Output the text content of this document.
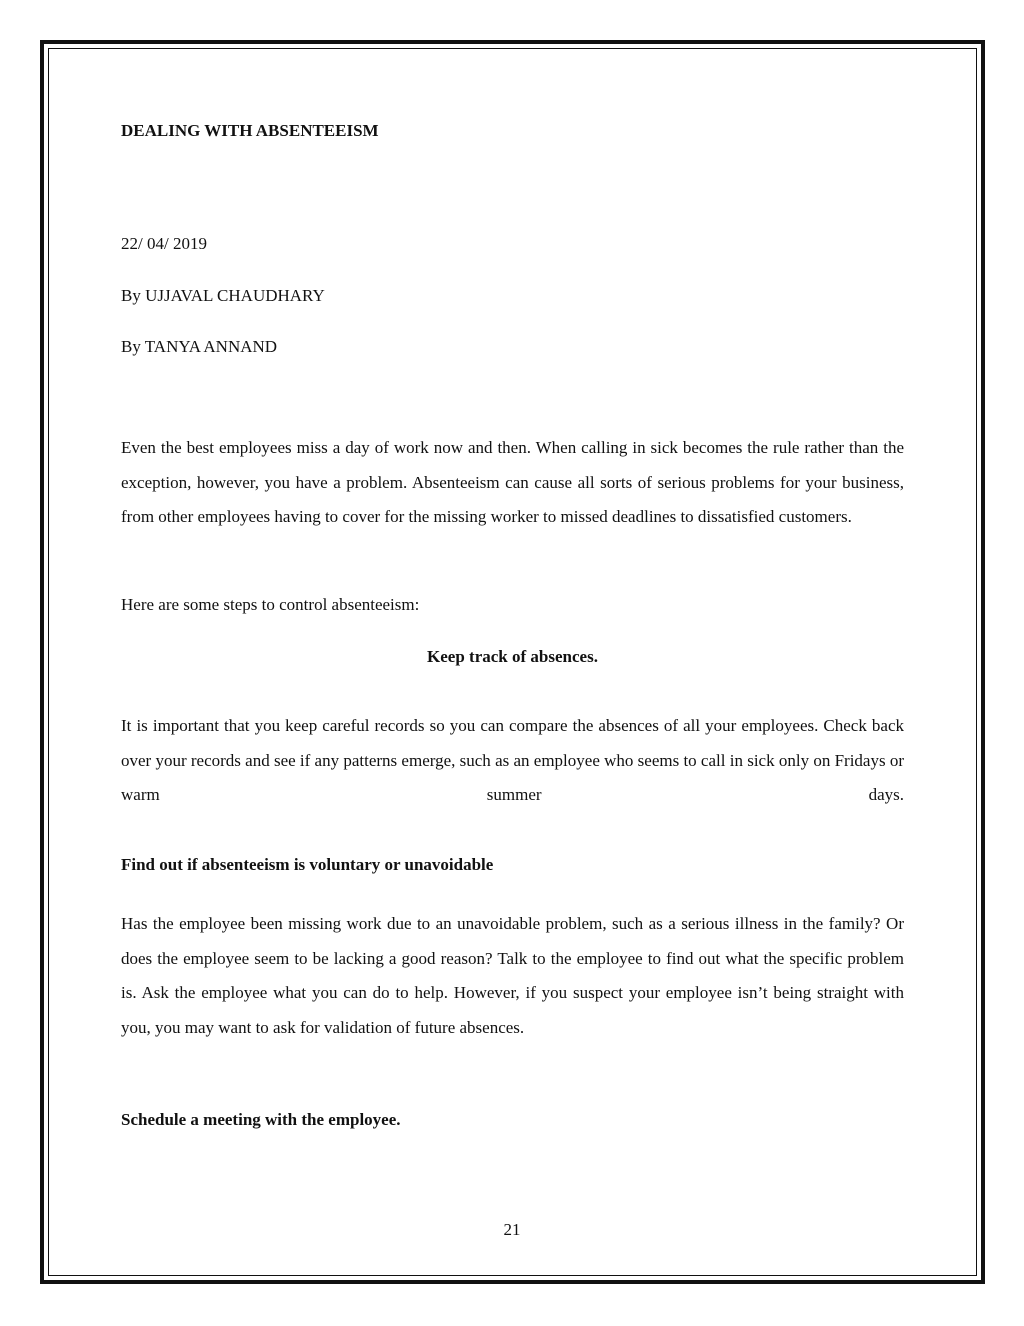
DEALING WITH ABSENTEEISM

22/ 04/ 2019

By UJJAVAL CHAUDHARY

By TANYA ANNAND

Even the best employees miss a day of work now and then. When calling in sick becomes the rule rather than the exception, however, you have a problem. Absenteeism can cause all sorts of serious problems for your business, from other employees having to cover for the missing worker to missed deadlines to dissatisfied customers.

Here are some steps to control absenteeism:

Keep track of absences.

It is important that you keep careful records so you can compare the absences of all your employees. Check back over your records and see if any patterns emerge, such as an employee who seems to call in sick only on Fridays or warm summer days.

Find out if absenteeism is voluntary or unavoidable

Has the employee been missing work due to an unavoidable problem, such as a serious illness in the family? Or does the employee seem to be lacking a good reason? Talk to the employee to find out what the specific problem is. Ask the employee what you can do to help. However, if you suspect your employee isn’t being straight with you, you may want to ask for validation of future absences.

Schedule a meeting with the employee.

21
